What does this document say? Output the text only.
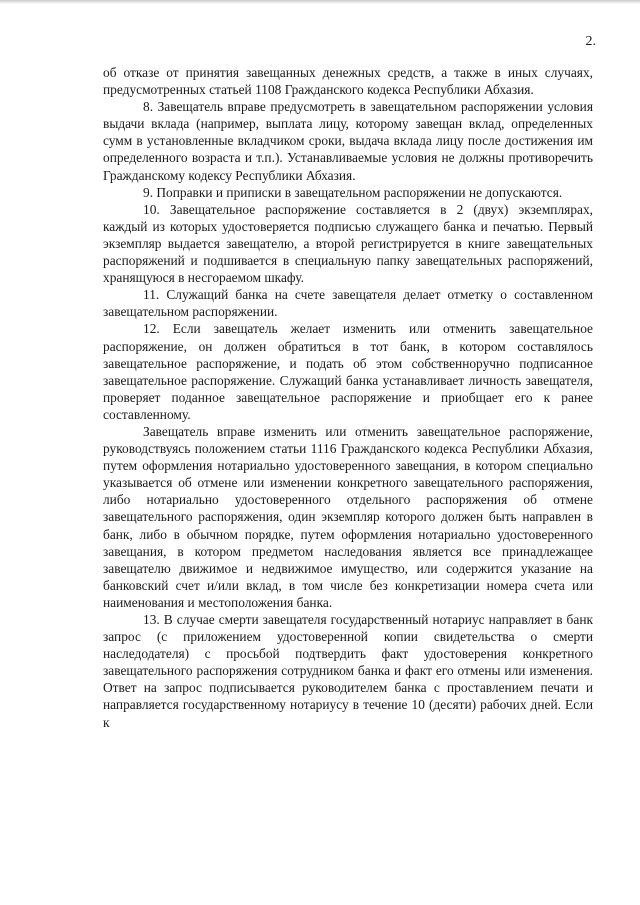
2.

об отказе от принятия завещанных денежных средств, а также в иных случаях, предусмотренных статьей 1108 Гражданского кодекса Республики Абхазия.

8. Завещатель вправе предусмотреть в завещательном распоряжении условия выдачи вклада (например, выплата лицу, которому завещан вклад, определенных сумм в установленные вкладчиком сроки, выдача вклада лицу после достижения им определенного возраста и т.п.). Устанавливаемые условия не должны противоречить Гражданскому кодексу Республики Абхазия.

9. Поправки и приписки в завещательном распоряжении не допускаются.

10. Завещательное распоряжение составляется в 2 (двух) экземплярах, каждый из которых удостоверяется подписью служащего банка и печатью. Первый экземпляр выдается завещателю, а второй регистрируется в книге завещательных распоряжений и подшивается в специальную папку завещательных распоряжений, хранящуюся в несгораемом шкафу.

11. Служащий банка на счете завещателя делает отметку о составленном завещательном распоряжении.

12. Если завещатель желает изменить или отменить завещательное распоряжение, он должен обратиться в тот банк, в котором составлялось завещательное распоряжение, и подать об этом собственноручно подписанное завещательное распоряжение. Служащий банка устанавливает личность завещателя, проверяет поданное завещательное распоряжение и приобщает его к ранее составленному.

Завещатель вправе изменить или отменить завещательное распоряжение, руководствуясь положением статьи 1116 Гражданского кодекса Республики Абхазия, путем оформления нотариально удостоверенного завещания, в котором специально указывается об отмене или изменении конкретного завещательного распоряжения, либо нотариально удостоверенного отдельного распоряжения об отмене завещательного распоряжения, один экземпляр которого должен быть направлен в банк, либо в обычном порядке, путем оформления нотариально удостоверенного завещания, в котором предметом наследования является все принадлежащее завещателю движимое и недвижимое имущество, или содержится указание на банковский счет и/или вклад, в том числе без конкретизации номера счета или наименования и местоположения банка.

13. В случае смерти завещателя государственный нотариус направляет в банк запрос (с приложением удостоверенной копии свидетельства о смерти наследодателя) с просьбой подтвердить факт удостоверения конкретного завещательного распоряжения сотрудником банка и факт его отмены или изменения. Ответ на запрос подписывается руководителем банка с проставлением печати и направляется государственному нотариусу в течение 10 (десяти) рабочих дней. Если к
